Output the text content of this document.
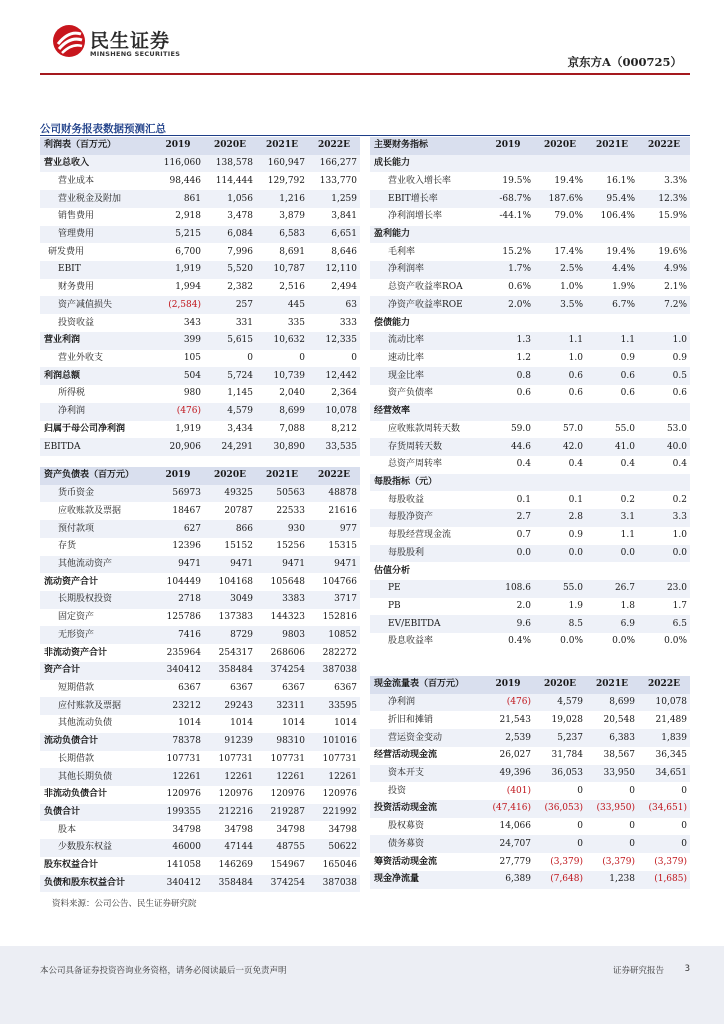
民生证券
MINSHENG SECURITIES
京东方A（000725）
公司财务报表数据预测汇总
利润表（百万元）	2019	2020E	2021E	2022E
营业总收入	116,060	138,578	160,947	166,277
营业成本	98,446	114,444	129,792	133,770
营业税金及附加	861	1,056	1,216	1,259
销售费用	2,918	3,478	3,879	3,841
管理费用	5,215	6,084	6,583	6,651
研发费用	6,700	7,996	8,691	8,646
EBIT	1,919	5,520	10,787	12,110
财务费用	1,994	2,382	2,516	2,494
资产减值损失	(2,584)	257	445	63
投资收益	343	331	335	333
营业利润	399	5,615	10,632	12,335
营业外收支	105	0	0	0
利润总额	504	5,724	10,739	12,442
所得税	980	1,145	2,040	2,364
净利润	(476)	4,579	8,699	10,078
归属于母公司净利润	1,919	3,434	7,088	8,212
EBITDA	20,906	24,291	30,890	33,535
资产负债表（百万元）	2019	2020E	2021E	2022E
货币资金	56973	49325	50563	48878
应收账款及票据	18467	20787	22533	21616
预付款项	627	866	930	977
存货	12396	15152	15256	15315
其他流动资产	9471	9471	9471	9471
流动资产合计	104449	104168	105648	104766
长期股权投资	2718	3049	3383	3717
固定资产	125786	137383	144323	152816
无形资产	7416	8729	9803	10852
非流动资产合计	235964	254317	268606	282272
资产合计	340412	358484	374254	387038
短期借款	6367	6367	6367	6367
应付账款及票据	23212	29243	32311	33595
其他流动负债	1014	1014	1014	1014
流动负债合计	78378	91239	98310	101016
长期借款	107731	107731	107731	107731
其他长期负债	12261	12261	12261	12261
非流动负债合计	120976	120976	120976	120976
负债合计	199355	212216	219287	221992
股本	34798	34798	34798	34798
少数股东权益	46000	47144	48755	50622
股东权益合计	141058	146269	154967	165046
负债和股东权益合计	340412	358484	374254	387038
主要财务指标	2019	2020E	2021E	2022E
成长能力				
营业收入增长率	19.5%	19.4%	16.1%	3.3%
EBIT增长率	-68.7%	187.6%	95.4%	12.3%
净利润增长率	-44.1%	79.0%	106.4%	15.9%
盈利能力				
毛利率	15.2%	17.4%	19.4%	19.6%
净利润率	1.7%	2.5%	4.4%	4.9%
总资产收益率ROA	0.6%	1.0%	1.9%	2.1%
净资产收益率ROE	2.0%	3.5%	6.7%	7.2%
偿债能力				
流动比率	1.3	1.1	1.1	1.0
速动比率	1.2	1.0	0.9	0.9
现金比率	0.8	0.6	0.6	0.5
资产负债率	0.6	0.6	0.6	0.6
经营效率				
应收账款周转天数	59.0	57.0	55.0	53.0
存货周转天数	44.6	42.0	41.0	40.0
总资产周转率	0.4	0.4	0.4	0.4
每股指标（元）				
每股收益	0.1	0.1	0.2	0.2
每股净资产	2.7	2.8	3.1	3.3
每股经营现金流	0.7	0.9	1.1	1.0
每股股利	0.0	0.0	0.0	0.0
估值分析				
PE	108.6	55.0	26.7	23.0
PB	2.0	1.9	1.8	1.7
EV/EBITDA	9.6	8.5	6.9	6.5
股息收益率	0.4%	0.0%	0.0%	0.0%
现金流量表（百万元）	2019	2020E	2021E	2022E
净利润	(476)	4,579	8,699	10,078
折旧和摊销	21,543	19,028	20,548	21,489
营运资金变动	2,539	5,237	6,383	1,839
经营活动现金流	26,027	31,784	38,567	36,345
资本开支	49,396	36,053	33,950	34,651
投资	(401)	0	0	0
投资活动现金流	(47,416)	(36,053)	(33,950)	(34,651)
股权募资	14,066	0	0	0
债务募资	24,707	0	0	0
筹资活动现金流	27,779	(3,379)	(3,379)	(3,379)
现金净流量	6,389	(7,648)	1,238	(1,685)
资料来源：公司公告、民生证券研究院
本公司具备证券投资咨询业务资格，请务必阅读最后一页免责声明	证券研究报告 3
